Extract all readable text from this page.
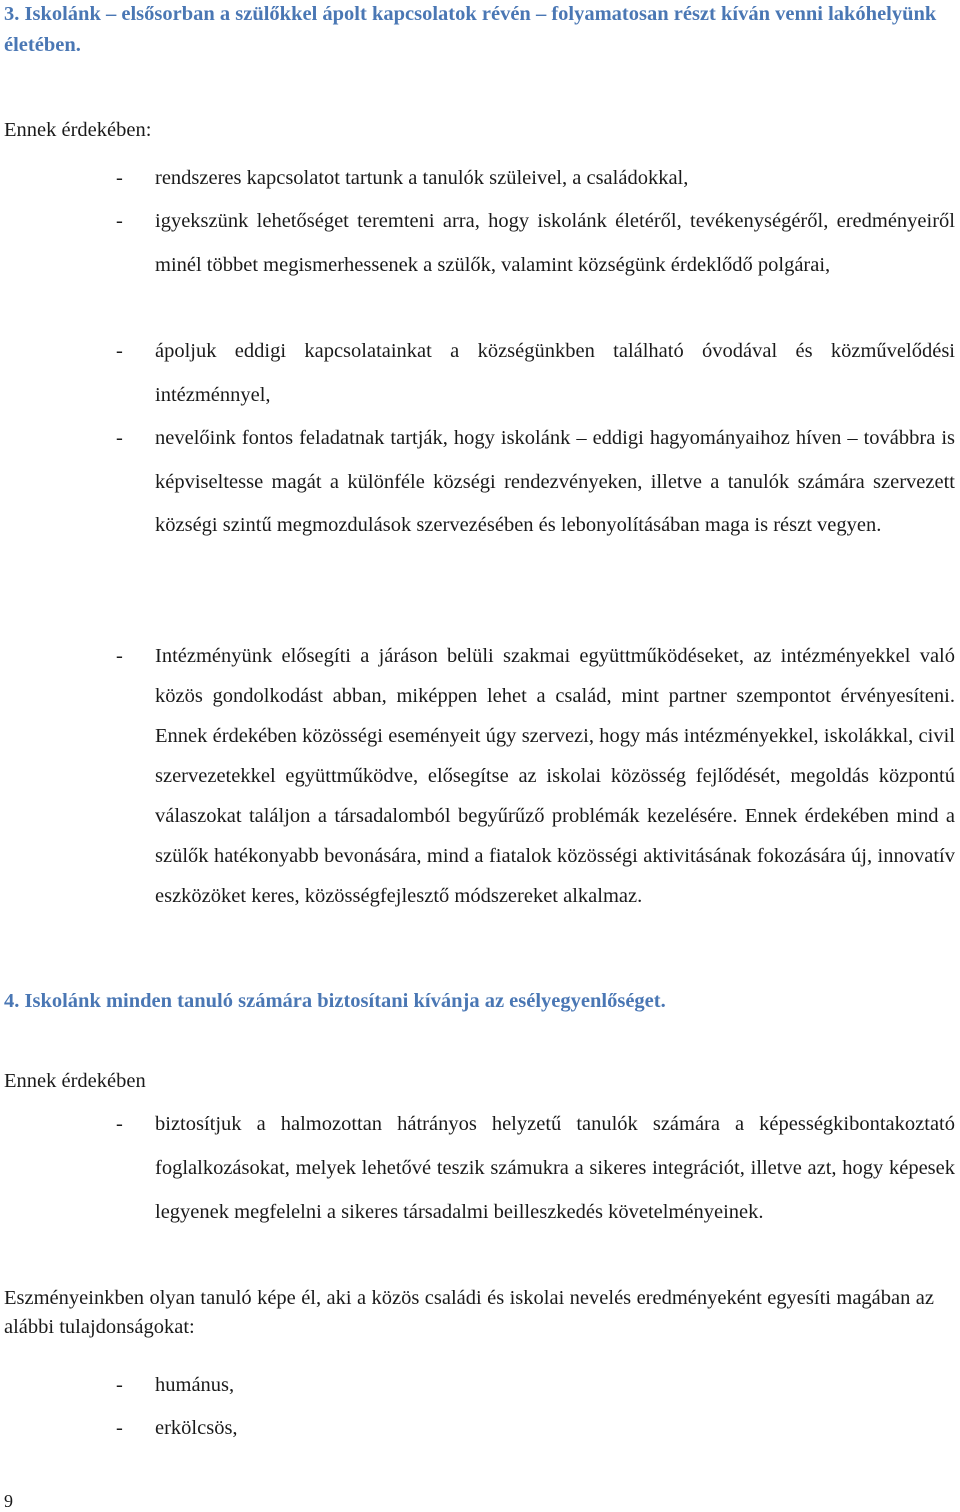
3. Iskolánk – elsősorban a szülőkkel ápolt kapcsolatok révén – folyamatosan részt kíván venni lakóhelyünk életében.

Ennek érdekében:

- rendszeres kapcsolatot tartunk a tanulók szüleivel, a családokkal,

- igyekszünk lehetőséget teremteni arra, hogy iskolánk életéről, tevékenységéről, eredményeiről minél többet megismerhessenek a szülők, valamint községünk érdeklődő polgárai,

- ápoljuk eddigi kapcsolatainkat a községünkben található óvodával és közművelődési intézménnyel,

- nevelőink fontos feladatnak tartják, hogy iskolánk – eddigi hagyományaihoz híven – továbbra is képviseltesse magát a különféle községi rendezvényeken, illetve a tanulók számára szervezett községi szintű megmozdulások szervezésében és lebonyolításában maga is részt vegyen.

- Intézményünk elősegíti a járáson belüli szakmai együttműködéseket, az intézményekkel való közös gondolkodást abban, miképpen lehet a család, mint partner szempontot érvényesíteni. Ennek érdekében közösségi eseményeit úgy szervezi, hogy más intézményekkel, iskolákkal, civil szervezetekkel együttműködve, elősegítse az iskolai közösség fejlődését, megoldás központú válaszokat találjon a társadalomból begyűrűző problémák kezelésére. Ennek érdekében mind a szülők hatékonyabb bevonására, mind a fiatalok közösségi aktivitásának fokozására új, innovatív eszközöket keres, közösségfejlesztő módszereket alkalmaz.

4. Iskolánk minden tanuló számára biztosítani kívánja az esélyegyenlőséget.

Ennek érdekében

- biztosítjuk a halmozottan hátrányos helyzetű tanulók számára a képességkibontakoztató foglalkozásokat, melyek lehetővé teszik számukra a sikeres integrációt, illetve azt, hogy képesek legyenek megfelelni a sikeres társadalmi beilleszkedés követelményeinek.

Eszményeinkben olyan tanuló képe él, aki a közös családi és iskolai nevelés eredményeként egyesíti magában az alábbi tulajdonságokat:

- humánus,

- erkölcsös,

9
